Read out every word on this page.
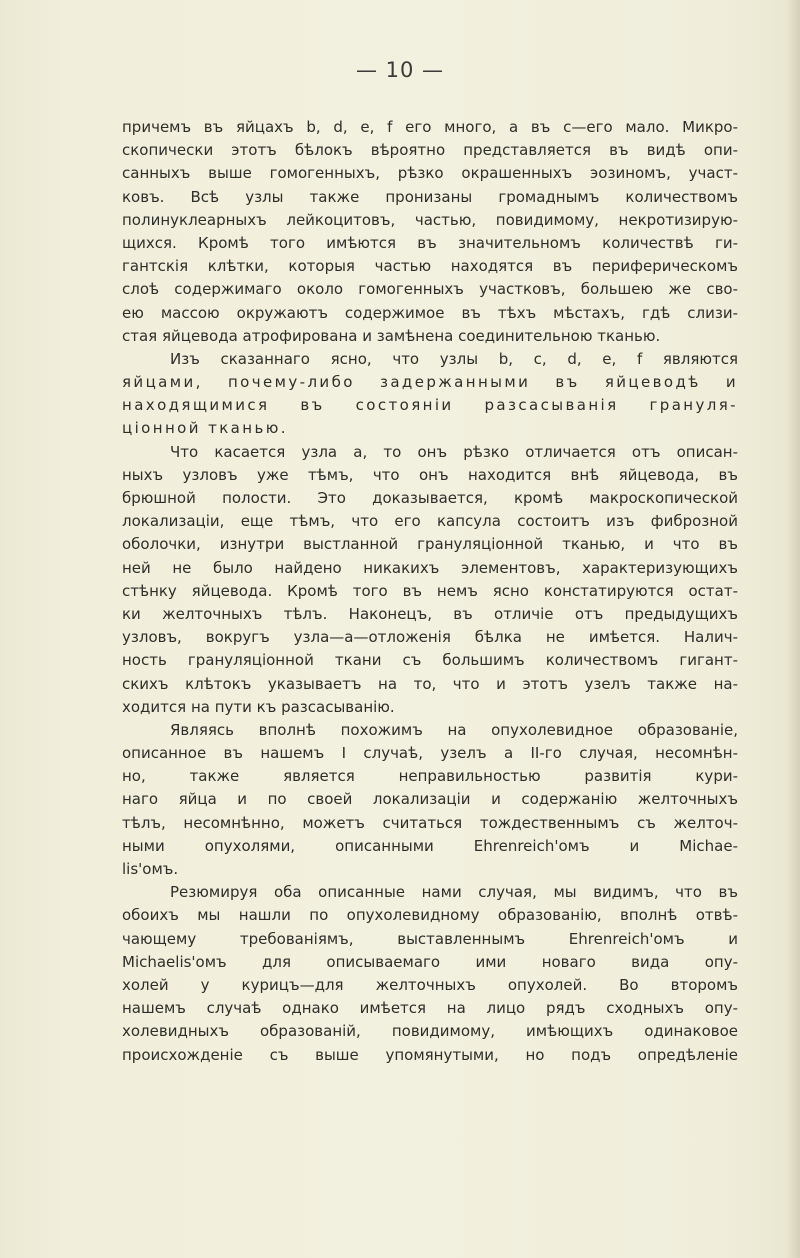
— 10 —
причемъ въ яйцахъ b, d, e, f его много, а въ с—его мало. Микро-
скопически этотъ бѣлокъ вѣроятно представляется въ видѣ опи-
санныхъ выше гомогенныхъ, рѣзко окрашенныхъ эозиномъ, участ-
ковъ. Всѣ узлы также пронизаны громаднымъ количествомъ
полинуклеарныхъ лейкоцитовъ, частью, повидимому, некротизирую-
щихся. Кромѣ того имѣются въ значительномъ количествѣ ги-
гантскія клѣтки, которыя частью находятся въ периферическомъ
слоѣ содержимаго около гомогенныхъ участковъ, большею же сво-
ею массою окружаютъ содержимое въ тѣхъ мѣстахъ, гдѣ слизи-
стая яйцевода атрофирована и замѣнена соединительною тканью.
Изъ сказаннаго ясно, что узлы b, c, d, e, f являются
яйцами, почему-либо задержанными въ яйцеводѣ и
находящимися въ состояніи разсасыванія грануля-
ціонной тканью.
Что касается узла а, то онъ рѣзко отличается отъ описан-
ныхъ узловъ уже тѣмъ, что онъ находится внѣ яйцевода, въ
брюшной полости. Это доказывается, кромѣ макроскопической
локализаціи, еще тѣмъ, что его капсула состоитъ изъ фиброзной
оболочки, изнутри выстланной грануляціонной тканью, и что въ
ней не было найдено никакихъ элементовъ, характеризующихъ
стѣнку яйцевода. Кромѣ того въ немъ ясно констатируются остат-
ки желточныхъ тѣлъ. Наконецъ, въ отличіе отъ предыдущихъ
узловъ, вокругъ узла—а—отложенія бѣлка не имѣется. Налич-
ность грануляціонной ткани съ большимъ количествомъ гигант-
скихъ клѣтокъ указываетъ на то, что и этотъ узелъ также на-
ходится на пути къ разсасыванію.
Являясь вполнѣ похожимъ на опухолевидное образованіе,
описанное въ нашемъ I случаѣ, узелъ а II-го случая, несомнѣн-
но, также является неправильностью развитія кури-
наго яйца и по своей локализаціи и содержанію желточныхъ
тѣлъ, несомнѣнно, можетъ считаться тождественнымъ съ желточ-
ными опухолями, описанными Ehrenreich'омъ и Michae-
lis'омъ.
Резюмируя оба описанные нами случая, мы видимъ, что въ
обоихъ мы нашли по опухолевидному образованію, вполнѣ отвѣ-
чающему требованіямъ, выставленнымъ Ehrenreich'омъ и
Michaelis'омъ для описываемаго ими новаго вида опу-
холей у курицъ—для желточныхъ опухолей. Во второмъ
нашемъ случаѣ однако имѣется на лицо рядъ сходныхъ опу-
холевидныхъ образованій, повидимому, имѣющихъ одинаковое
происхожденіе съ выше упомянутыми, но подъ опредѣленіе
